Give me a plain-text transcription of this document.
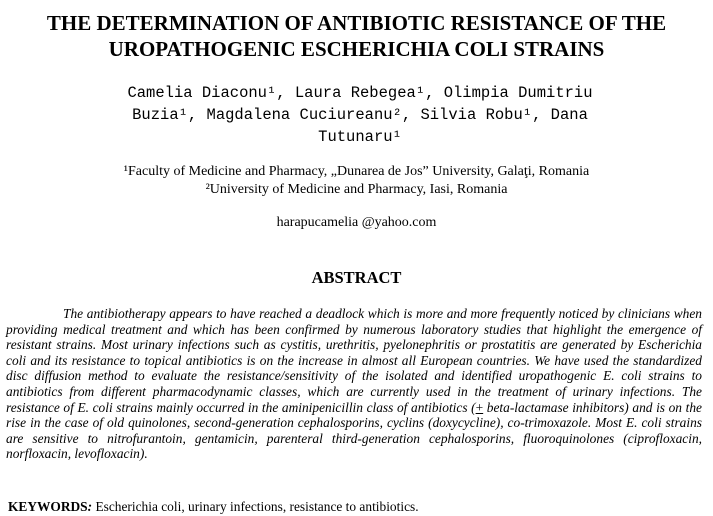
THE DETERMINATION OF ANTIBIOTIC RESISTANCE OF THE
UROPATHOGENIC ESCHERICHIA COLI STRAINS
Camelia Diaconu¹, Laura Rebegea¹, Olimpia Dumitriu
Buzia¹, Magdalena Cuciureanu², Silvia Robu¹, Dana
Tutunaru¹
¹Faculty of Medicine and Pharmacy, „Dunarea de Jos” University, Galaţi, Romania
²University of Medicine and Pharmacy, Iasi, Romania
harapucamelia @yahoo.com
ABSTRACT
The antibiotherapy appears to have reached a deadlock which is more and more frequently noticed by clinicians when providing medical treatment and which has been confirmed by numerous laboratory studies that highlight the emergence of resistant strains. Most urinary infections such as cystitis, urethritis, pyelonephritis or prostatitis are generated by Escherichia coli and its resistance to topical antibiotics is on the increase in almost all European countries. We have used the standardized disc diffusion method to evaluate the resistance/sensitivity of the isolated and identified uropathogenic E. coli strains to antibiotics from different pharmacodynamic classes, which are currently used in the treatment of urinary infections. The resistance of E. coli strains mainly occurred in the aminipenicillin class of antibiotics (+ beta-lactamase inhibitors) and is on the rise in the case of old quinolones, second-generation cephalosporins, cyclins (doxycycline), co-trimoxazole. Most E. coli strains are sensitive to nitrofurantoin, gentamicin, parenteral third-generation cephalosporins, fluoroquinolones (ciprofloxacin, norfloxacin, levofloxacin).
KEYWORDS: Escherichia coli, urinary infections, resistance to antibiotics.
